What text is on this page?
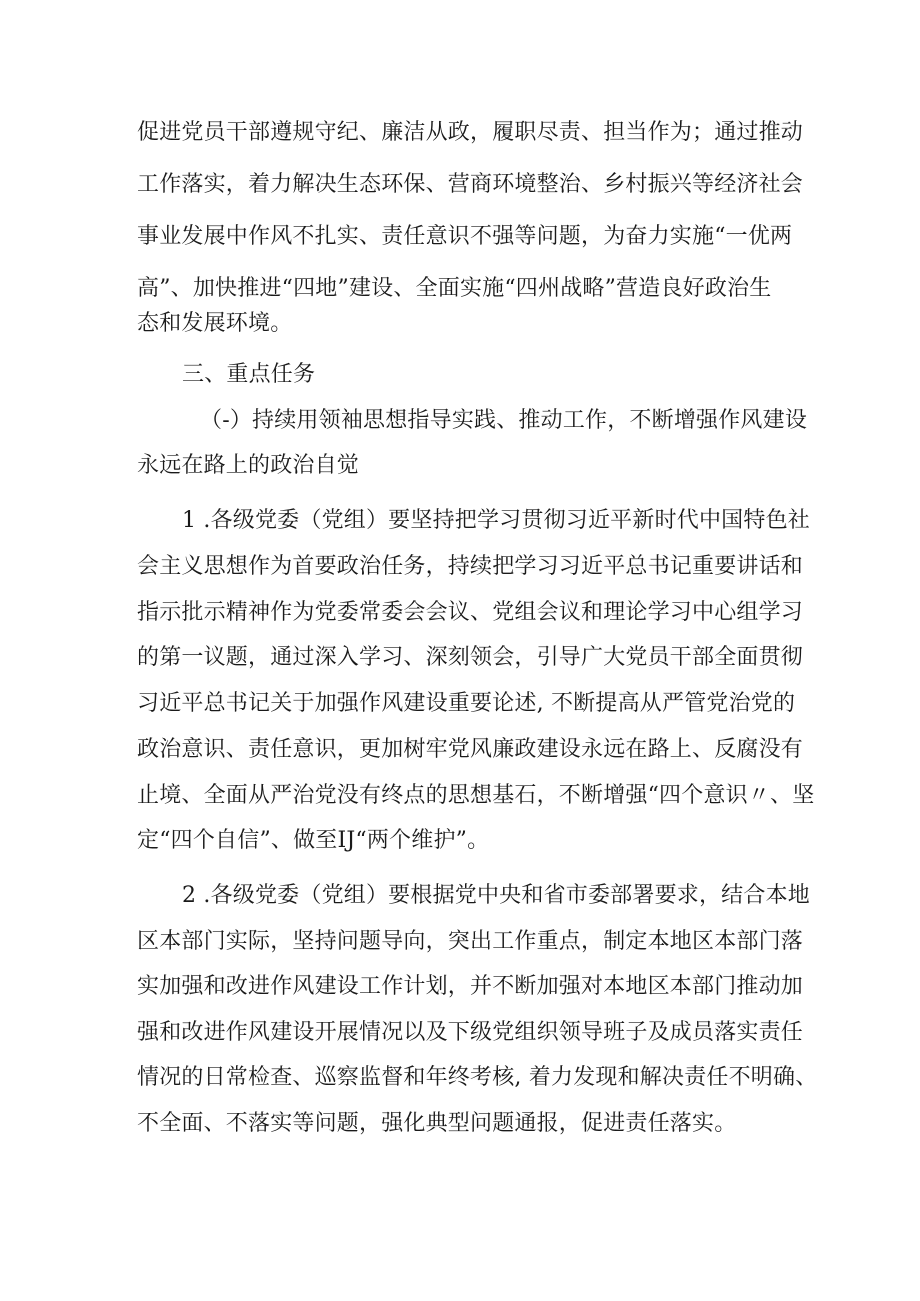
促进党员干部遵规守纪、廉洁从政，履职尽责、担当作为；通过推动
工作落实，着力解决生态环保、营商环境整治、乡村振兴等经济社会
事业发展中作风不扎实、责任意识不强等问题，为奋力实施“一优两
高”、加快推进“四地”建设、全面实施“四州战略”营造良好政治生
态和发展环境。
三、重点任务
（-）持续用领袖思想指导实践、推动工作，不断增强作风建设
永远在路上的政治自觉
1 .各级党委（党组）要坚持把学习贯彻习近平新时代中国特色社
会主义思想作为首要政治任务，持续把学习习近平总书记重要讲话和
指示批示精神作为党委常委会会议、党组会议和理论学习中心组学习
的第一议题，通过深入学习、深刻领会，引导广大党员干部全面贯彻
习近平总书记关于加强作风建设重要论述, 不断提高从严管党治党的
政治意识、责任意识，更加树牢党风廉政建设永远在路上、反腐没有
止境、全面从严治党没有终点的思想基石，不断增强“四个意识〃、坚
定“四个自信”、做至IJ“两个维护”。
2 .各级党委（党组）要根据党中央和省市委部署要求，结合本地
区本部门实际，坚持问题导向，突出工作重点，制定本地区本部门落
实加强和改进作风建设工作计划，并不断加强对本地区本部门推动加
强和改进作风建设开展情况以及下级党组织领导班子及成员落实责任
情况的日常检查、巡察监督和年终考核, 着力发现和解决责任不明确、
不全面、不落实等问题，强化典型问题通报，促进责任落实。
